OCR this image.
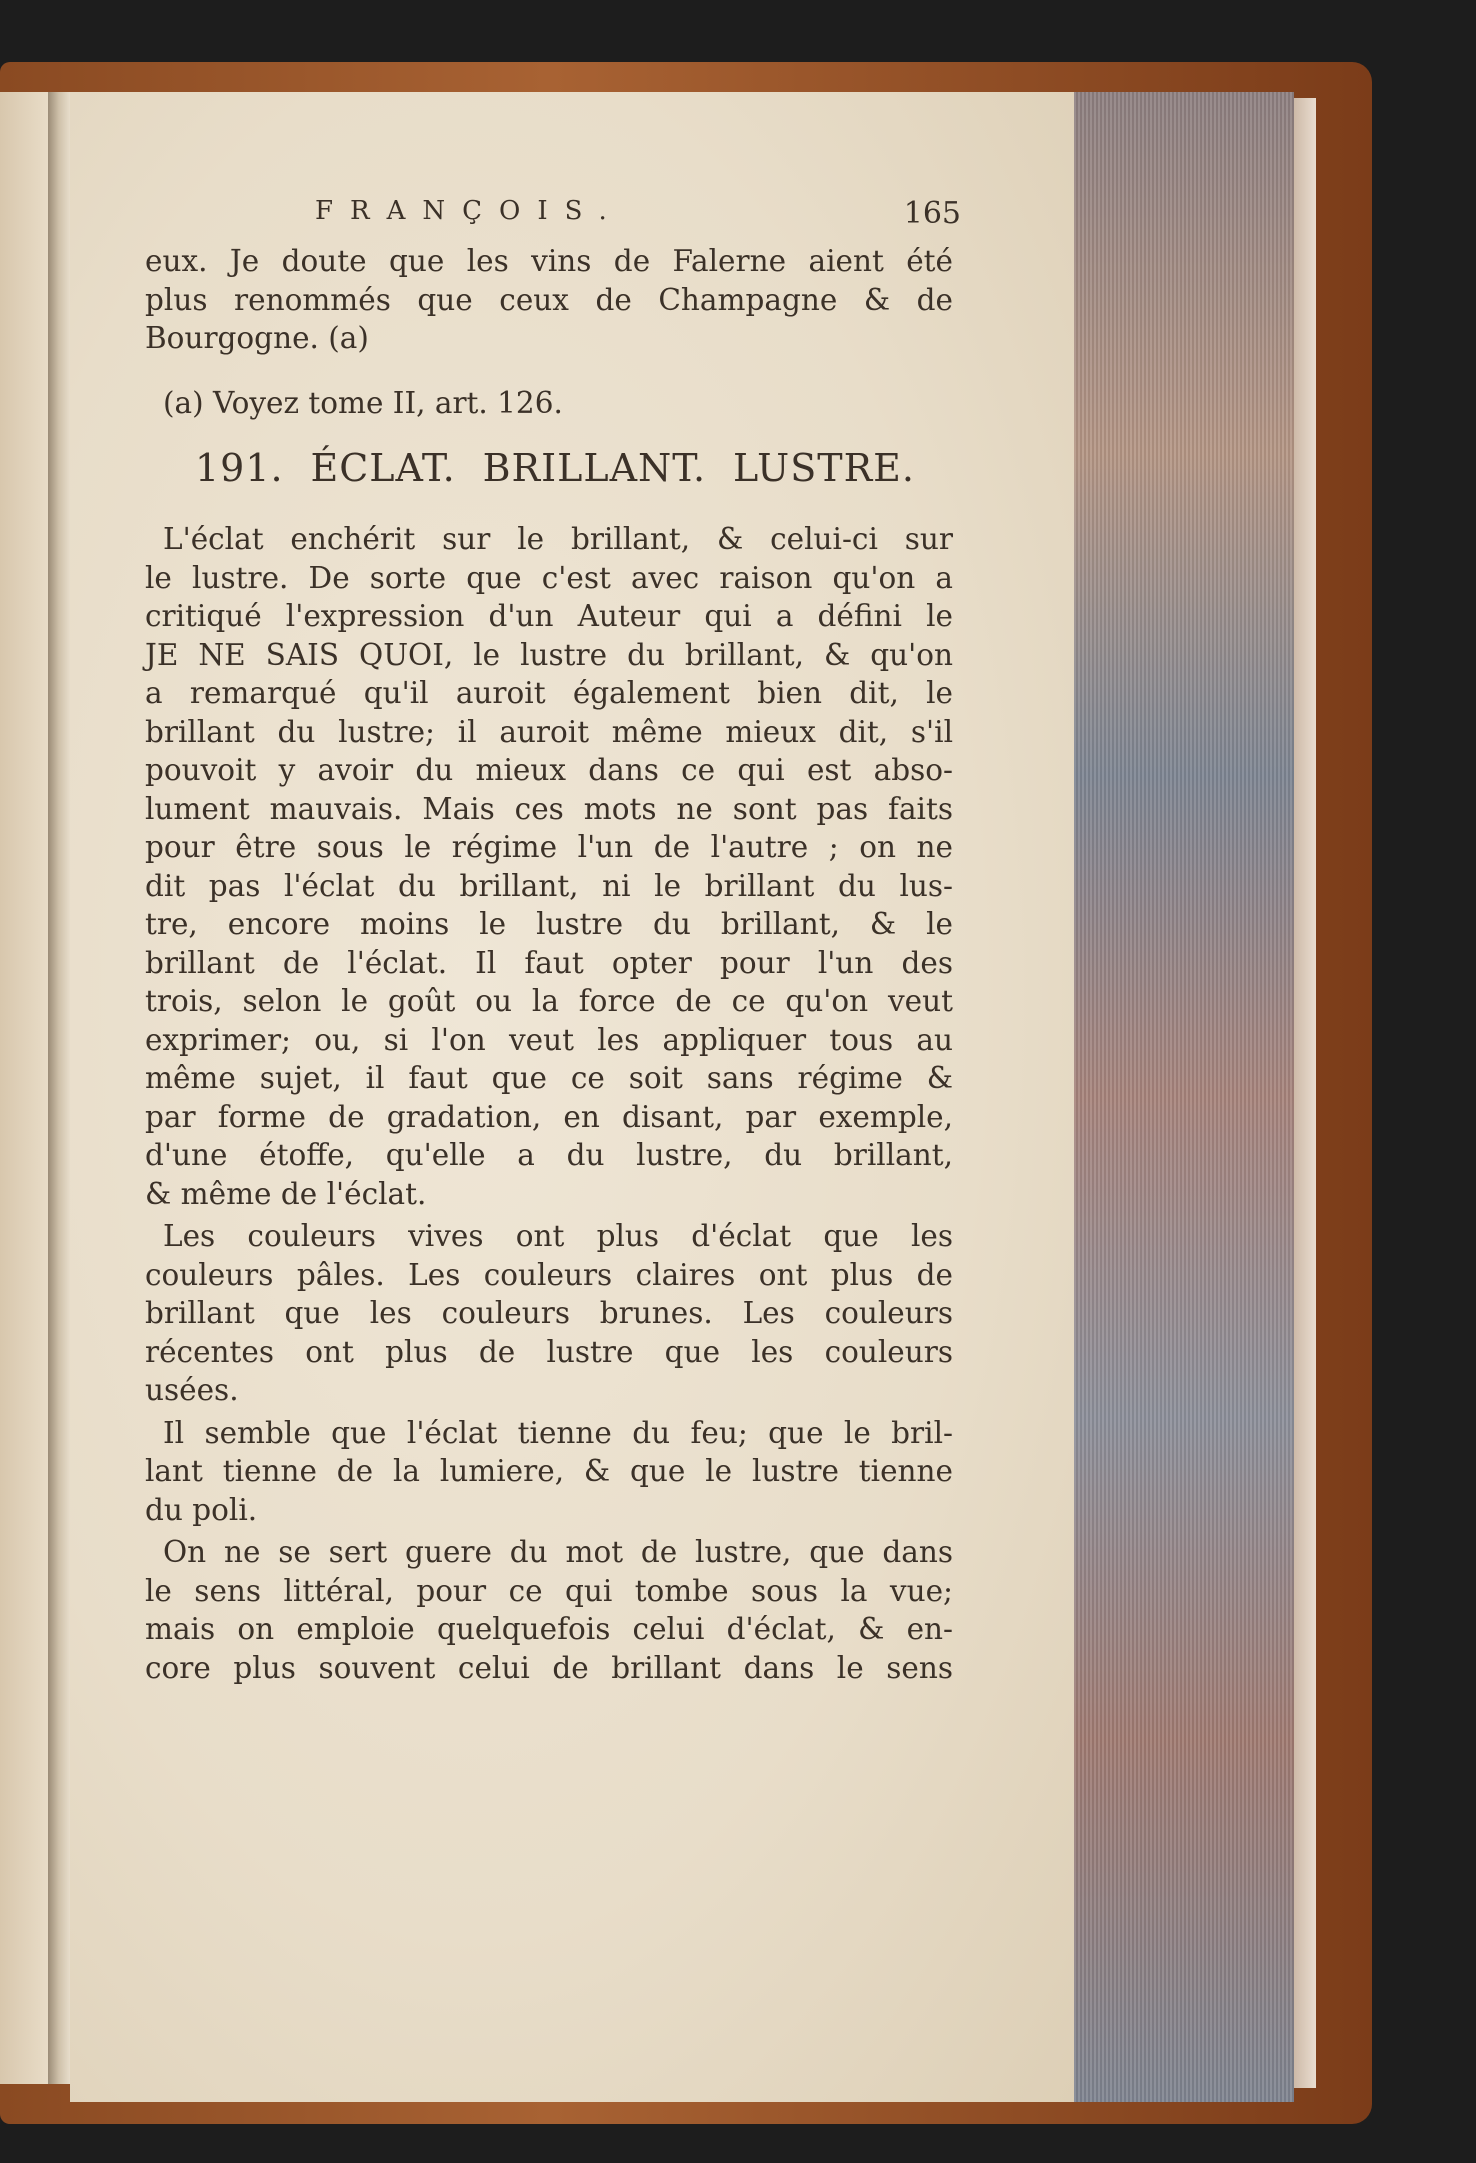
FRANÇOIS.	165
eux. Je doute que les vins de Falerne aient été
plus renommés que ceux de Champagne & de
Bourgogne. (a)
(a) Voyez tome II, art. 126.
191. ÉCLAT. BRILLANT. LUSTRE.
L'éclat enchérit sur le brillant, & celui-ci sur
le lustre. De sorte que c'est avec raison qu'on a
critiqué l'expression d'un Auteur qui a défini le
JE NE SAIS QUOI, le lustre du brillant, & qu'on
a remarqué qu'il auroit également bien dit, le
brillant du lustre; il auroit même mieux dit, s'il
pouvoit y avoir du mieux dans ce qui est abso-
lument mauvais. Mais ces mots ne sont pas faits
pour être sous le régime l'un de l'autre ; on ne
dit pas l'éclat du brillant, ni le brillant du lus-
tre, encore moins le lustre du brillant, & le
brillant de l'éclat. Il faut opter pour l'un des
trois, selon le goût ou la force de ce qu'on veut
exprimer; ou, si l'on veut les appliquer tous au
même sujet, il faut que ce soit sans régime &
par forme de gradation, en disant, par exemple,
d'une étoffe, qu'elle a du lustre, du brillant,
& même de l'éclat.
Les couleurs vives ont plus d'éclat que les
couleurs pâles. Les couleurs claires ont plus de
brillant que les couleurs brunes. Les couleurs
récentes ont plus de lustre que les couleurs
usées.
Il semble que l'éclat tienne du feu; que le bril-
lant tienne de la lumiere, & que le lustre tienne
du poli.
On ne se sert guere du mot de lustre, que dans
le sens littéral, pour ce qui tombe sous la vue;
mais on emploie quelquefois celui d'éclat, & en-
core plus souvent celui de brillant dans le sens
